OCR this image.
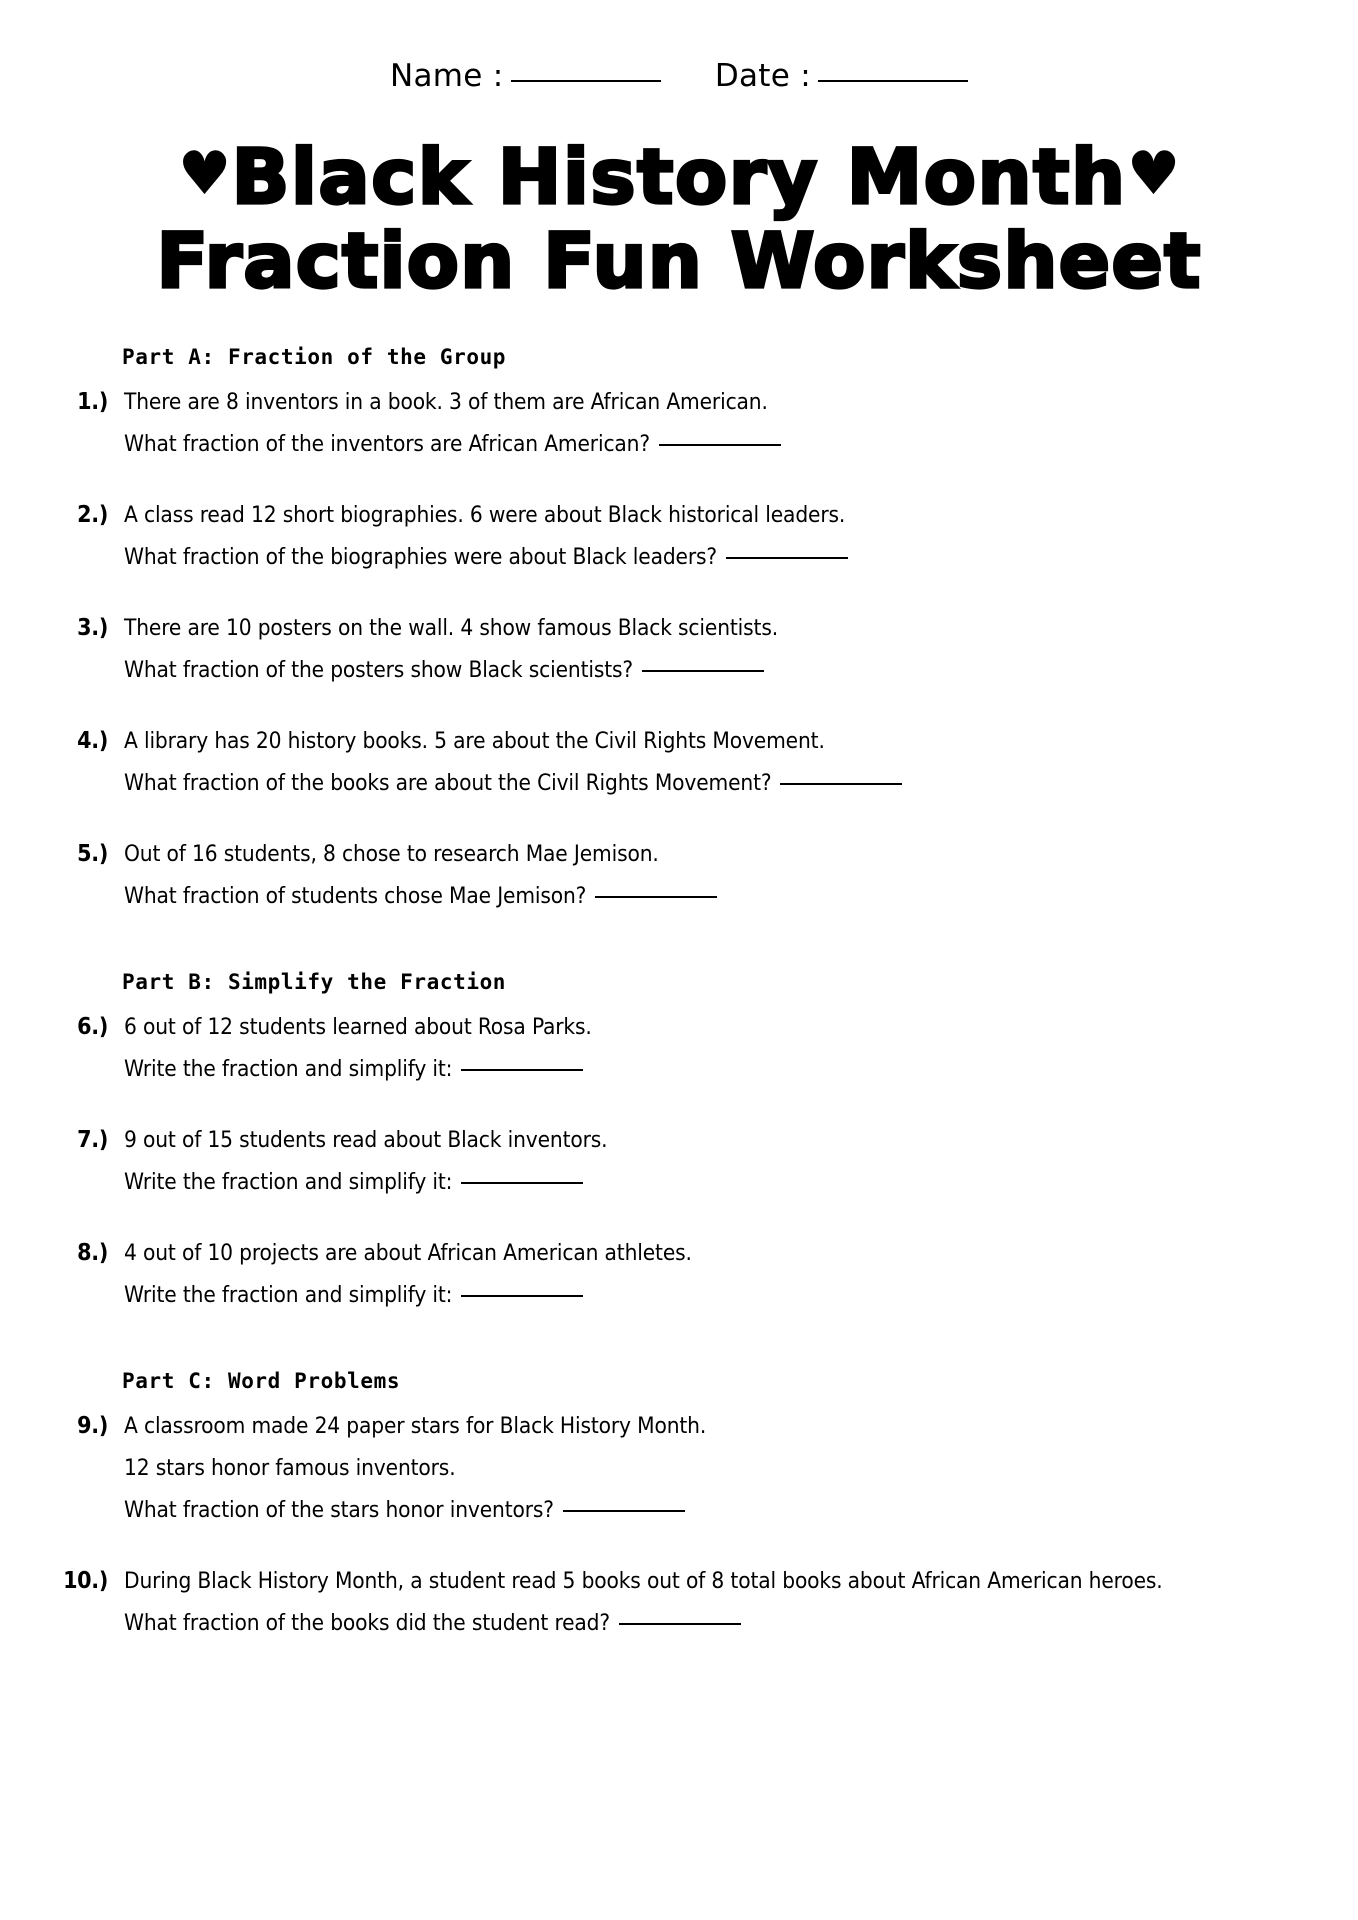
Name :	Date :
♥Black History Month♥
Fraction Fun Worksheet
Part A: Fraction of the Group
1.) There are 8 inventors in a book. 3 of them are African American.
What fraction of the inventors are African American?
2.) A class read 12 short biographies. 6 were about Black historical leaders.
What fraction of the biographies were about Black leaders?
3.) There are 10 posters on the wall. 4 show famous Black scientists.
What fraction of the posters show Black scientists?
4.) A library has 20 history books. 5 are about the Civil Rights Movement.
What fraction of the books are about the Civil Rights Movement?
5.) Out of 16 students, 8 chose to research Mae Jemison.
What fraction of students chose Mae Jemison?
Part B: Simplify the Fraction
6.) 6 out of 12 students learned about Rosa Parks.
Write the fraction and simplify it:
7.) 9 out of 15 students read about Black inventors.
Write the fraction and simplify it:
8.) 4 out of 10 projects are about African American athletes.
Write the fraction and simplify it:
Part C: Word Problems
9.) A classroom made 24 paper stars for Black History Month.
12 stars honor famous inventors.
What fraction of the stars honor inventors?
10.) During Black History Month, a student read 5 books out of 8 total books about African American heroes.
What fraction of the books did the student read?
